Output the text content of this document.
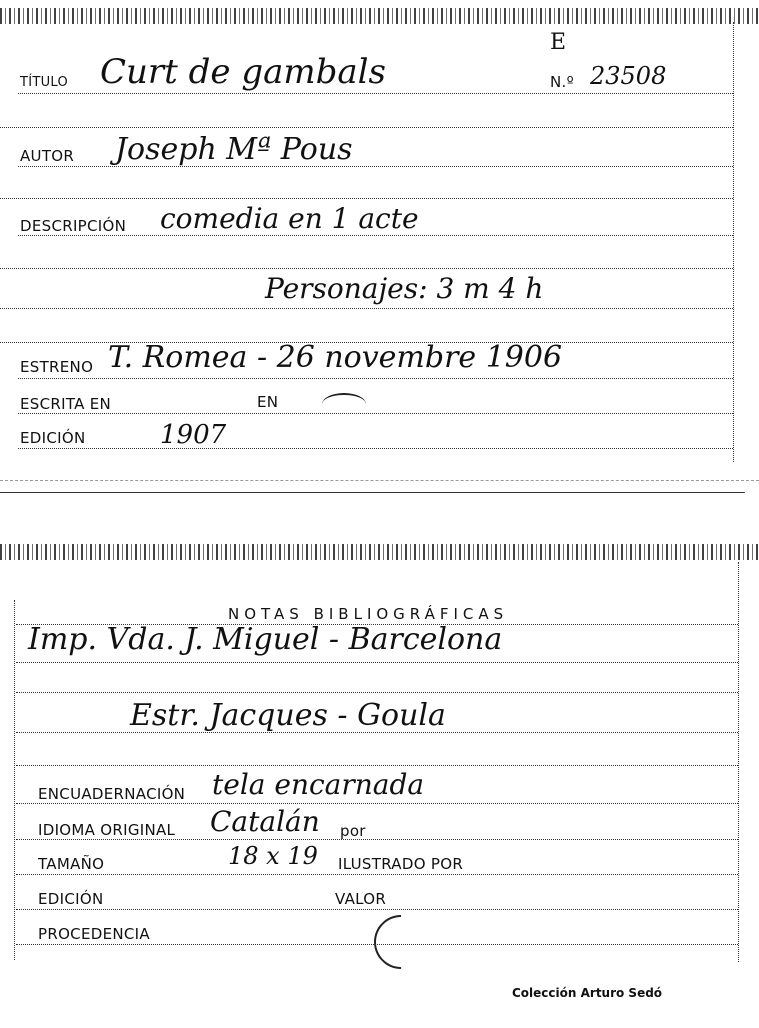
TÍTULO Curt de gambals
E
N.º 23508
AUTOR Joseph Mª Pous
DESCRIPCIÓN comedia en 1 acte
Personajes: 3 m 4 h
ESTRENO T. Romea - 26 novembre 1906
ESCRITA EN	EN
EDICIÓN	1907
NOTAS BIBLIOGRÁFICAS
Imp. Vda. J. Miguel - Barcelona
Estr. Jacques - Goula
ENCUADERNACIÓN tela encarnada
IDIOMA ORIGINAL Catalán por
TAMAÑO	18 x 19 ILUSTRADO POR
EDICIÓN	VALOR
PROCEDENCIA
Colección Arturo Sedó
